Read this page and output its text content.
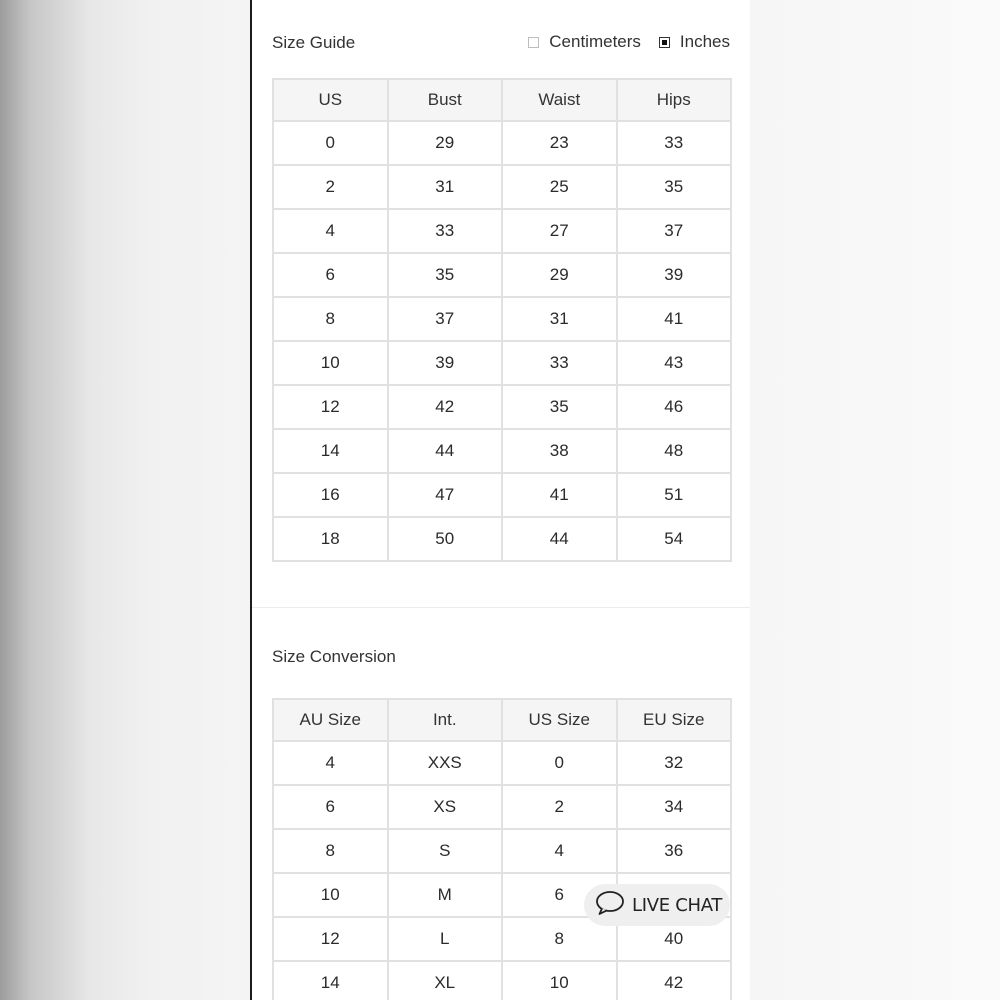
Size Guide	Centimeters Inches
US	Bust	Waist	Hips
0	29	23	33
2	31	25	35
4	33	27	37
6	35	29	39
8	37	31	41
10	39	33	43
12	42	35	46
14	44	38	48
16	47	41	51
18	50	44	54
Size Conversion
AU Size	Int.	US Size	EU Size
4	XXS	0	32
6	XS	2	34
8	S	4	36
10	M	6	
12	L	8	40
14	XL	10	42
LIVE CHAT
